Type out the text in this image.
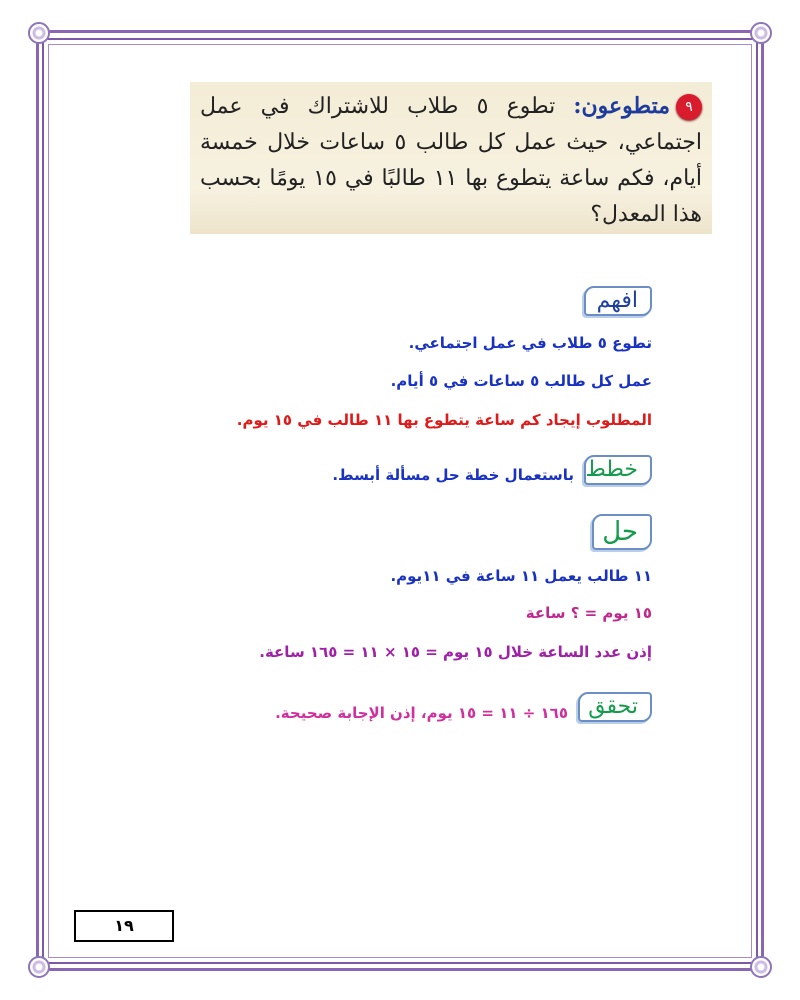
٩متطوعون: تطوع ٥ طلاب للاشتراك في عمل اجتماعي، حيث عمل كل طالب ٥ ساعات خلال خمسة أيام، فكم ساعة يتطوع بها ١١ طالبًا في ١٥ يومًا بحسب هذا المعدل؟

افهم
تطوع ٥ طلاب في عمل اجتماعي.
عمل كل طالب ٥ ساعات في ٥ أيام.
المطلوب إيجاد كم ساعة يتطوع بها ١١ طالب في ١٥ يوم.
خطط
باستعمال خطة حل مسألة أبسط.
حل
١١ طالب يعمل ١١ ساعة في ١١يوم.
١٥ يوم = ؟ ساعة
إذن عدد الساعة خلال ١٥ يوم = ١٥ × ١١ = ١٦٥ ساعة.
تحقق
١٦٥ ÷ ١١ = ١٥ يوم، إذن الإجابة صحيحة.
١٩
